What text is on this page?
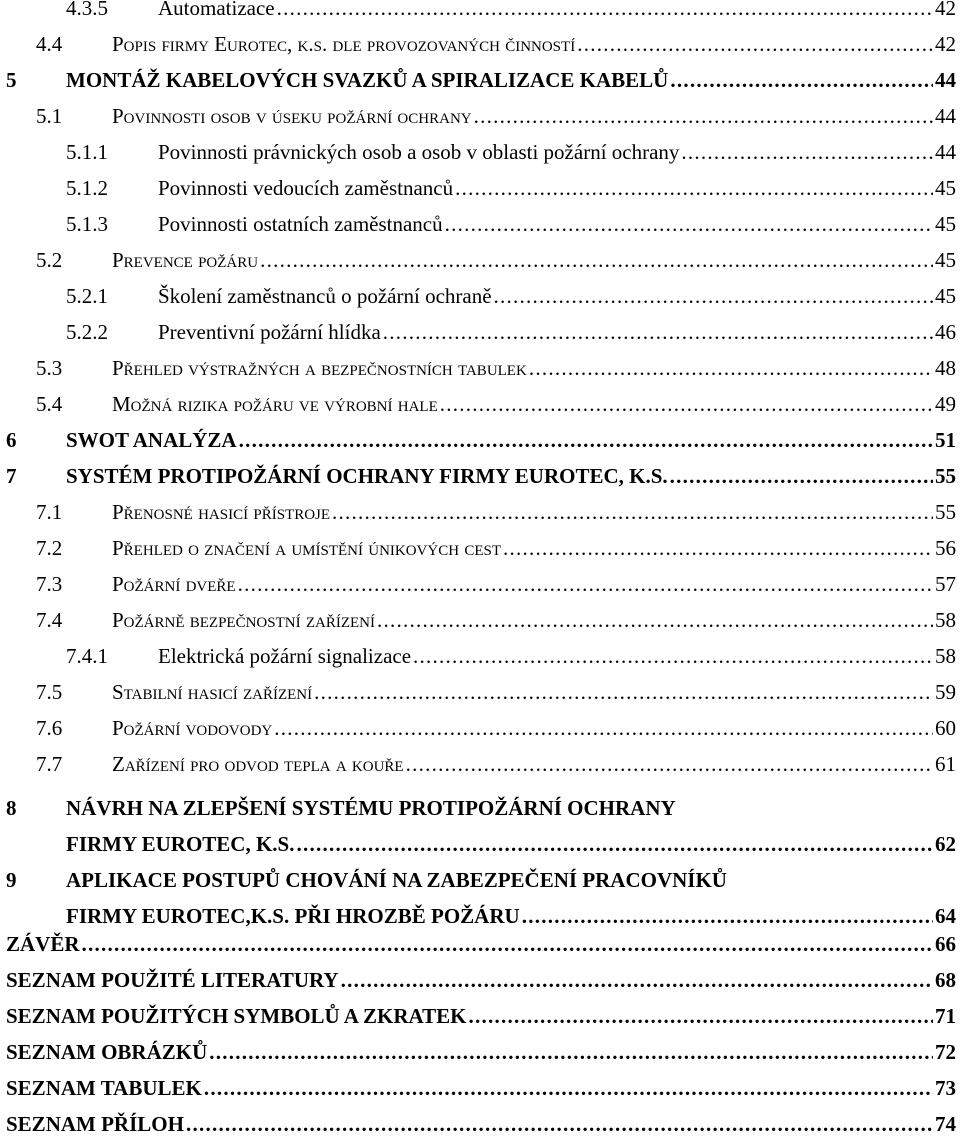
4.3.5	Automatizace . . .	42
4.4	Popis firmy Eurotec, k.s. dle provozovaných činností . . .	42
5	MONTÁŽ KABELOVÝCH SVAZKŮ A SPIRALIZACE KABELŮ . . .	44
5.1	Povinnosti osob v úseku požární ochrany . . .	44
5.1.1	Povinnosti právnických osob a osob v oblasti požární ochrany . . .	44
5.1.2	Povinnosti vedoucích zaměstnanců . . .	45
5.1.3	Povinnosti ostatních zaměstnanců . . .	45
5.2	Prevence požáru . . .	45
5.2.1	Školení zaměstnanců o požární ochraně . . .	45
5.2.2	Preventivní požární hlídka . . .	46
5.3	Přehled výstražných a bezpečnostních tabulek . . .	48
5.4	Možná rizika požáru ve výrobní hale . . .	49
6	SWOT ANALÝZA . . .	51
7	SYSTÉM PROTIPOŽÁRNÍ OCHRANY FIRMY EUROTEC, K.S. . . .	55
7.1	Přenosné hasicí přístroje . . .	55
7.2	Přehled o značení a umístění únikových cest . . .	56
7.3	Požární dveře . . .	57
7.4	Požárně bezpečnostní zařízení . . .	58
7.4.1	Elektrická požární signalizace . . .	58
7.5	Stabilní hasicí zařízení . . .	59
7.6	Požární vodovody . . .	60
7.7	Zařízení pro odvod tepla a kouře . . .	61
8 NÁVRH NA ZLEPŠENÍ SYSTÉMU PROTIPOŽÁRNÍ OCHRANY
FIRMY EUROTEC, K.S. . . .	62
9 APLIKACE POSTUPŮ CHOVÁNÍ NA ZABEZPEČENÍ PRACOVNÍKŮ
FIRMY EUROTEC,K.S. PŘI HROZBĚ POŽÁRU . . .	64
ZÁVĚR . . .	66
SEZNAM POUŽITÉ LITERATURY . . .	68
SEZNAM POUŽITÝCH SYMBOLŮ A ZKRATEK . . .	71
SEZNAM OBRÁZKŮ . . .	72
SEZNAM TABULEK . . .	73
SEZNAM PŘÍLOH . . .	74
